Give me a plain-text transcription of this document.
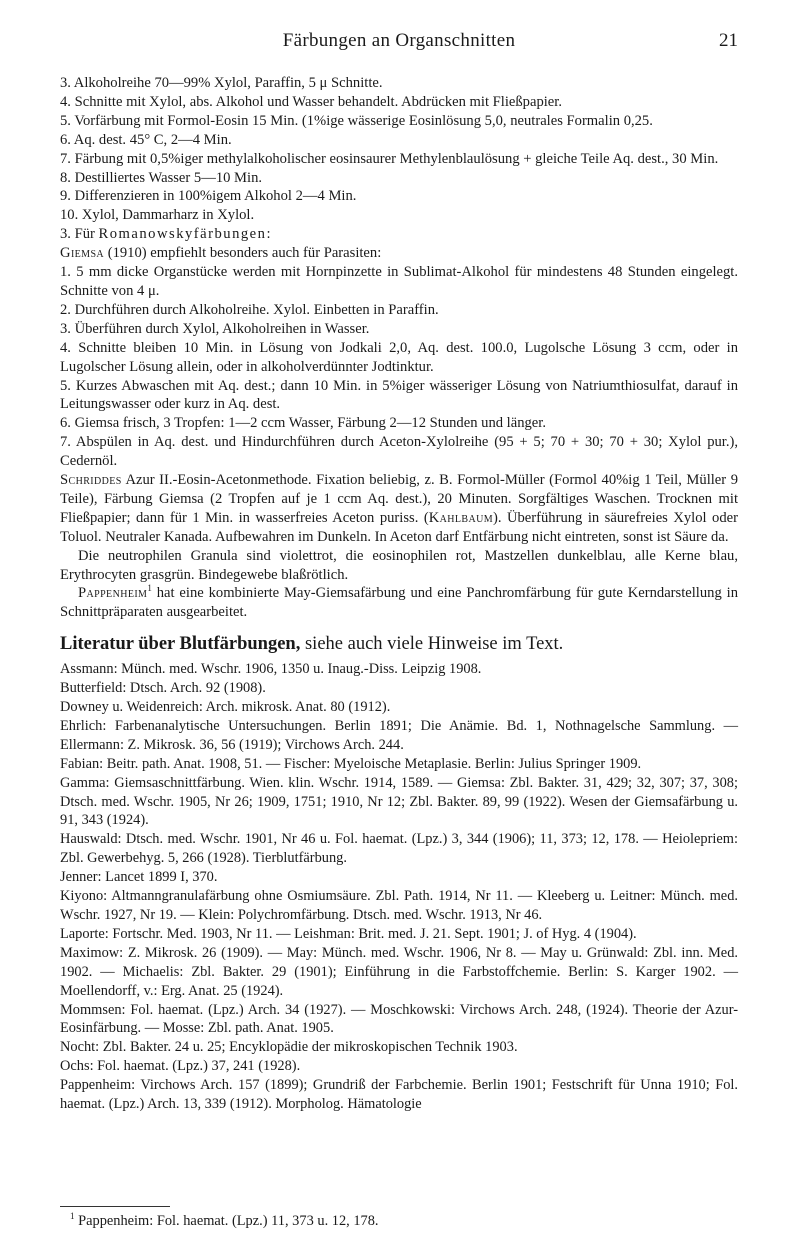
Färbungen an Organschnitten	21

3. Alkoholreihe 70—99% Xylol, Paraffin, 5 μ Schnitte.

4. Schnitte mit Xylol, abs. Alkohol und Wasser behandelt. Abdrücken mit Fließpapier.

5. Vorfärbung mit Formol-Eosin 15 Min. (1%ige wässerige Eosinlösung 5,0, neutrales Formalin 0,25.

6. Aq. dest. 45° C, 2—4 Min.

7. Färbung mit 0,5%iger methylalkoholischer eosinsaurer Methylenblaulösung + gleiche Teile Aq. dest., 30 Min.

8. Destilliertes Wasser 5—10 Min.

9. Differenzieren in 100%igem Alkohol 2—4 Min.

10. Xylol, Dammarharz in Xylol.

3. Für Romanowskyfärbungen:

Giemsa (1910) empfiehlt besonders auch für Parasiten:

1. 5 mm dicke Organstücke werden mit Hornpinzette in Sublimat-Alkohol für mindestens 48 Stunden eingelegt. Schnitte von 4 μ.

2. Durchführen durch Alkoholreihe. Xylol. Einbetten in Paraffin.

3. Überführen durch Xylol, Alkoholreihen in Wasser.

4. Schnitte bleiben 10 Min. in Lösung von Jodkali 2,0, Aq. dest. 100.0, Lugolsche Lösung 3 ccm, oder in Lugolscher Lösung allein, oder in alkoholverdünnter Jodtinktur.

5. Kurzes Abwaschen mit Aq. dest.; dann 10 Min. in 5%iger wässeriger Lösung von Natriumthiosulfat, darauf in Leitungswasser oder kurz in Aq. dest.

6. Giemsa frisch, 3 Tropfen: 1—2 ccm Wasser, Färbung 2—12 Stunden und länger.

7. Abspülen in Aq. dest. und Hindurchführen durch Aceton-Xylolreihe (95 + 5; 70 + 30; 70 + 30; Xylol pur.), Cedernöl.

Schriddes Azur II.-Eosin-Acetonmethode. Fixation beliebig, z. B. Formol-Müller (Formol 40%ig 1 Teil, Müller 9 Teile), Färbung Giemsa (2 Tropfen auf je 1 ccm Aq. dest.), 20 Minuten. Sorgfältiges Waschen. Trocknen mit Fließpapier; dann für 1 Min. in wasserfreies Aceton puriss. (Kahlbaum). Überführung in säurefreies Xylol oder Toluol. Neutraler Kanada. Aufbewahren im Dunkeln. In Aceton darf Entfärbung nicht eintreten, sonst ist Säure da.

Die neutrophilen Granula sind violettrot, die eosinophilen rot, Mastzellen dunkelblau, alle Kerne blau, Erythrocyten grasgrün. Bindegewebe blaßrötlich.

Pappenheim$^1$ hat eine kombinierte May-Giemsafärbung und eine Panchromfärbung für gute Kerndarstellung in Schnittpräparaten ausgearbeitet.

Literatur über Blutfärbungen, siehe auch viele Hinweise im Text.

Assmann: Münch. med. Wschr. 1906, 1350 u. Inaug.-Diss. Leipzig 1908.

Butterfield: Dtsch. Arch. 92 (1908).

Downey u. Weidenreich: Arch. mikrosk. Anat. 80 (1912).

Ehrlich: Farbenanalytische Untersuchungen. Berlin 1891; Die Anämie. Bd. 1, Nothnagelsche Sammlung. — Ellermann: Z. Mikrosk. 36, 56 (1919); Virchows Arch. 244.

Fabian: Beitr. path. Anat. 1908, 51. — Fischer: Myeloische Metaplasie. Berlin: Julius Springer 1909.

Gamma: Giemsaschnittfärbung. Wien. klin. Wschr. 1914, 1589. — Giemsa: Zbl. Bakter. 31, 429; 32, 307; 37, 308; Dtsch. med. Wschr. 1905, Nr 26; 1909, 1751; 1910, Nr 12; Zbl. Bakter. 89, 99 (1922). Wesen der Giemsafärbung u. 91, 343 (1924).

Hauswald: Dtsch. med. Wschr. 1901, Nr 46 u. Fol. haemat. (Lpz.) 3, 344 (1906); 11, 373; 12, 178. — Heiolepriem: Zbl. Gewerbehyg. 5, 266 (1928). Tierblutfärbung.

Jenner: Lancet 1899 I, 370.

Kiyono: Altmanngranulafärbung ohne Osmiumsäure. Zbl. Path. 1914, Nr 11. — Kleeberg u. Leitner: Münch. med. Wschr. 1927, Nr 19. — Klein: Polychromfärbung. Dtsch. med. Wschr. 1913, Nr 46.

Laporte: Fortschr. Med. 1903, Nr 11. — Leishman: Brit. med. J. 21. Sept. 1901; J. of Hyg. 4 (1904).

Maximow: Z. Mikrosk. 26 (1909). — May: Münch. med. Wschr. 1906, Nr 8. — May u. Grünwald: Zbl. inn. Med. 1902. — Michaelis: Zbl. Bakter. 29 (1901); Einführung in die Farbstoffchemie. Berlin: S. Karger 1902. — Moellendorff, v.: Erg. Anat. 25 (1924).

Mommsen: Fol. haemat. (Lpz.) Arch. 34 (1927). — Moschkowski: Virchows Arch. 248, (1924). Theorie der Azur-Eosinfärbung. — Mosse: Zbl. path. Anat. 1905.

Nocht: Zbl. Bakter. 24 u. 25; Encyklopädie der mikroskopischen Technik 1903.

Ochs: Fol. haemat. (Lpz.) 37, 241 (1928).

Pappenheim: Virchows Arch. 157 (1899); Grundriß der Farbchemie. Berlin 1901; Festschrift für Unna 1910; Fol. haemat. (Lpz.) Arch. 13, 339 (1912). Morpholog. Hämatologie

$^1$ Pappenheim: Fol. haemat. (Lpz.) 11, 373 u. 12, 178.
